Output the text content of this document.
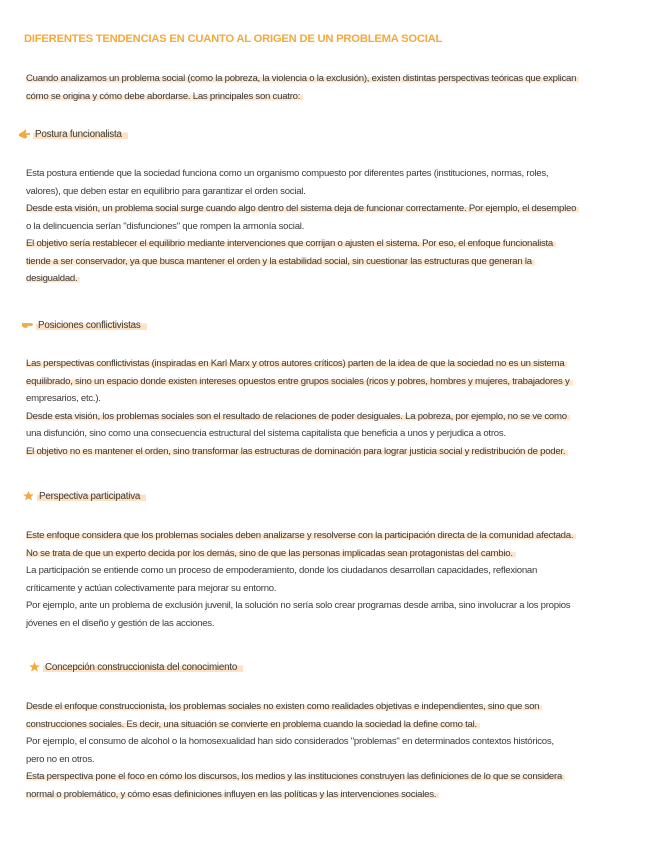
DIFERENTES TENDENCIAS EN CUANTO AL ORIGEN DE UN PROBLEMA SOCIAL

Cuando analizamos un problema social (como la pobreza, la violencia o la exclusión), existen distintas perspectivas teóricas que explican
cómo se origina y cómo debe abordarse. Las principales son cuatro:

Postura funcionalista

Esta postura entiende que la sociedad funciona como un organismo compuesto por diferentes partes (instituciones, normas, roles,
valores), que deben estar en equilibrio para garantizar el orden social.
Desde esta visión, un problema social surge cuando algo dentro del sistema deja de funcionar correctamente. Por ejemplo, el desempleo
o la delincuencia serían "disfunciones" que rompen la armonía social.
El objetivo sería restablecer el equilibrio mediante intervenciones que corrijan o ajusten el sistema. Por eso, el enfoque funcionalista
tiende a ser conservador, ya que busca mantener el orden y la estabilidad social, sin cuestionar las estructuras que generan la
desigualdad.

Posiciones conflictivistas

Las perspectivas conflictivistas (inspiradas en Karl Marx y otros autores críticos) parten de la idea de que la sociedad no es un sistema
equilibrado, sino un espacio donde existen intereses opuestos entre grupos sociales (ricos y pobres, hombres y mujeres, trabajadores y
empresarios, etc.).
Desde esta visión, los problemas sociales son el resultado de relaciones de poder desiguales. La pobreza, por ejemplo, no se ve como
una disfunción, sino como una consecuencia estructural del sistema capitalista que beneficia a unos y perjudica a otros.
El objetivo no es mantener el orden, sino transformar las estructuras de dominación para lograr justicia social y redistribución de poder.

Perspectiva participativa

Este enfoque considera que los problemas sociales deben analizarse y resolverse con la participación directa de la comunidad afectada.
No se trata de que un experto decida por los demás, sino de que las personas implicadas sean protagonistas del cambio.
La participación se entiende como un proceso de empoderamiento, donde los ciudadanos desarrollan capacidades, reflexionan
críticamente y actúan colectivamente para mejorar su entorno.
Por ejemplo, ante un problema de exclusión juvenil, la solución no sería solo crear programas desde arriba, sino involucrar a los propios
jóvenes en el diseño y gestión de las acciones.

Concepción construccionista del conocimiento

Desde el enfoque construccionista, los problemas sociales no existen como realidades objetivas e independientes, sino que son
construcciones sociales. Es decir, una situación se convierte en problema cuando la sociedad la define como tal.
Por ejemplo, el consumo de alcohol o la homosexualidad han sido considerados "problemas" en determinados contextos históricos,
pero no en otros.
Esta perspectiva pone el foco en cómo los discursos, los medios y las instituciones construyen las definiciones de lo que se considera
normal o problemático, y cómo esas definiciones influyen en las políticas y las intervenciones sociales.
